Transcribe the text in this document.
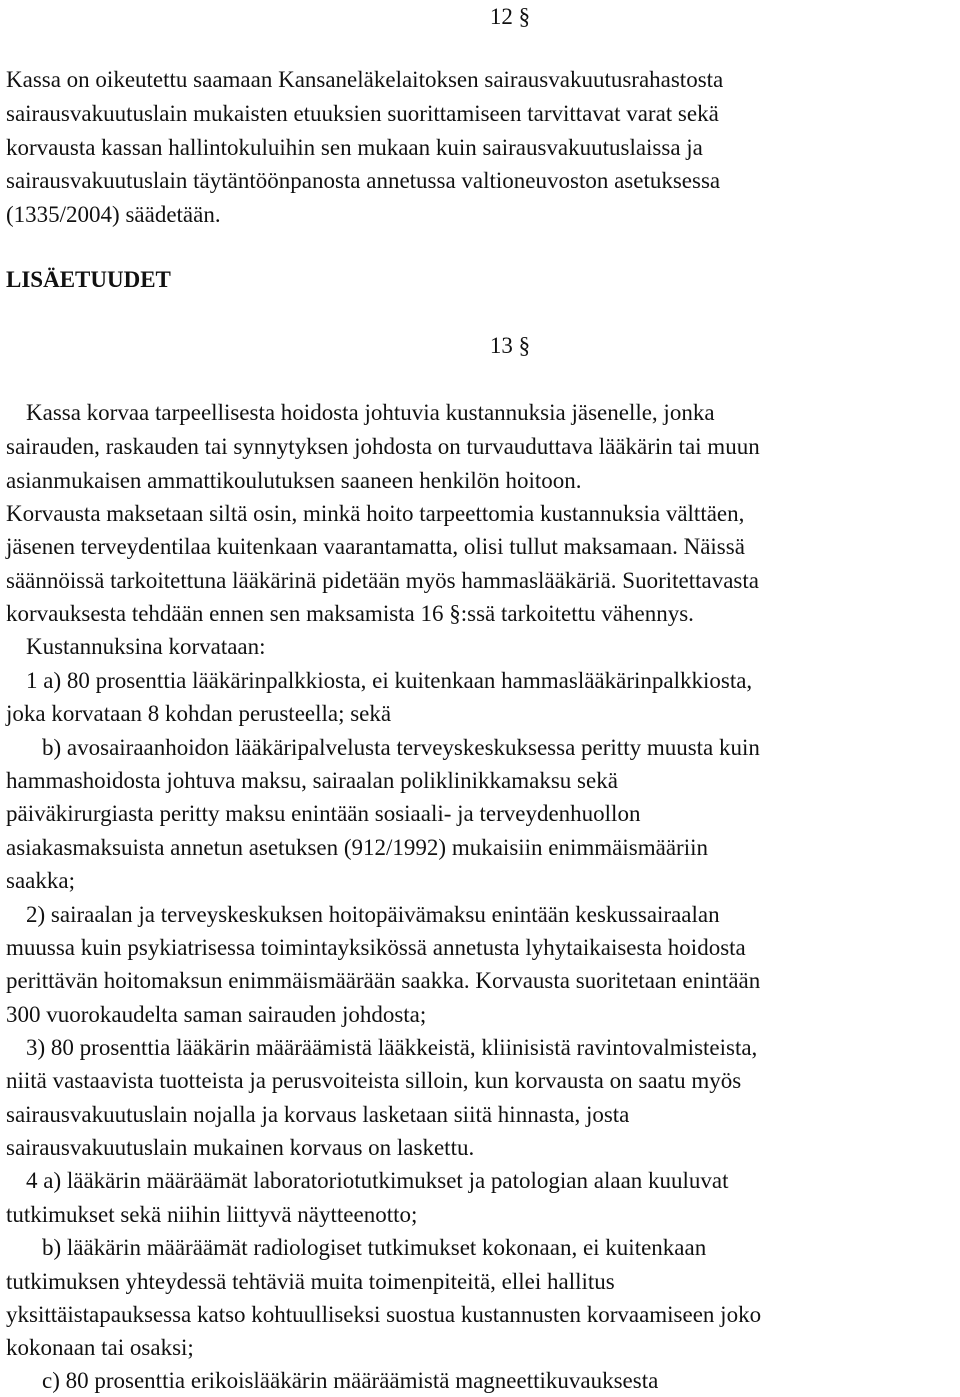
12 §
Kassa on oikeutettu saamaan Kansaneläkelaitoksen sairausvakuutusrahastosta
sairausvakuutuslain mukaisten etuuksien suorittamiseen tarvittavat varat sekä
korvausta kassan hallintokuluihin sen mukaan kuin sairausvakuutuslaissa ja
sairausvakuutuslain täytäntöönpanosta annetussa valtioneuvoston asetuksessa
(1335/2004) säädetään.
LISÄETUUDET
13 §
Kassa korvaa tarpeellisesta hoidosta johtuvia kustannuksia jäsenelle, jonka
sairauden, raskauden tai synnytyksen johdosta on turvauduttava lääkärin tai muun
asianmukaisen ammattikoulutuksen saaneen henkilön hoitoon.
Korvausta maksetaan siltä osin, minkä hoito tarpeettomia kustannuksia välttäen,
jäsenen terveydentilaa kuitenkaan vaarantamatta, olisi tullut maksamaan. Näissä
säännöissä tarkoitettuna lääkärinä pidetään myös hammaslääkäriä. Suoritettavasta
korvauksesta tehdään ennen sen maksamista 16 §:ssä tarkoitettu vähennys.
Kustannuksina korvataan:
1 a) 80 prosenttia lääkärinpalkkiosta, ei kuitenkaan hammaslääkärinpalkkiosta,
joka korvataan 8 kohdan perusteella; sekä
b) avosairaanhoidon lääkäripalvelusta terveyskeskuksessa peritty muusta kuin
hammashoidosta johtuva maksu, sairaalan poliklinikkamaksu sekä
päiväkirurgiasta peritty maksu enintään sosiaali- ja terveydenhuollon
asiakasmaksuista annetun asetuksen (912/1992) mukaisiin enimmäismääriin
saakka;
2) sairaalan ja terveyskeskuksen hoitopäivämaksu enintään keskussairaalan
muussa kuin psykiatrisessa toimintayksikössä annetusta lyhytaikaisesta hoidosta
perittävän hoitomaksun enimmäismäärään saakka. Korvausta suoritetaan enintään
300 vuorokaudelta saman sairauden johdosta;
3) 80 prosenttia lääkärin määräämistä lääkkeistä, kliinisistä ravintovalmisteista,
niitä vastaavista tuotteista ja perusvoiteista silloin, kun korvausta on saatu myös
sairausvakuutuslain nojalla ja korvaus lasketaan siitä hinnasta, josta
sairausvakuutuslain mukainen korvaus on laskettu.
4 a) lääkärin määräämät laboratoriotutkimukset ja patologian alaan kuuluvat
tutkimukset sekä niihin liittyvä näytteenotto;
b) lääkärin määräämät radiologiset tutkimukset kokonaan, ei kuitenkaan
tutkimuksen yhteydessä tehtäviä muita toimenpiteitä, ellei hallitus
yksittäistapauksessa katso kohtuulliseksi suostua kustannusten korvaamiseen joko
kokonaan tai osaksi;
c) 80 prosenttia erikoislääkärin määräämistä magneettikuvauksesta
